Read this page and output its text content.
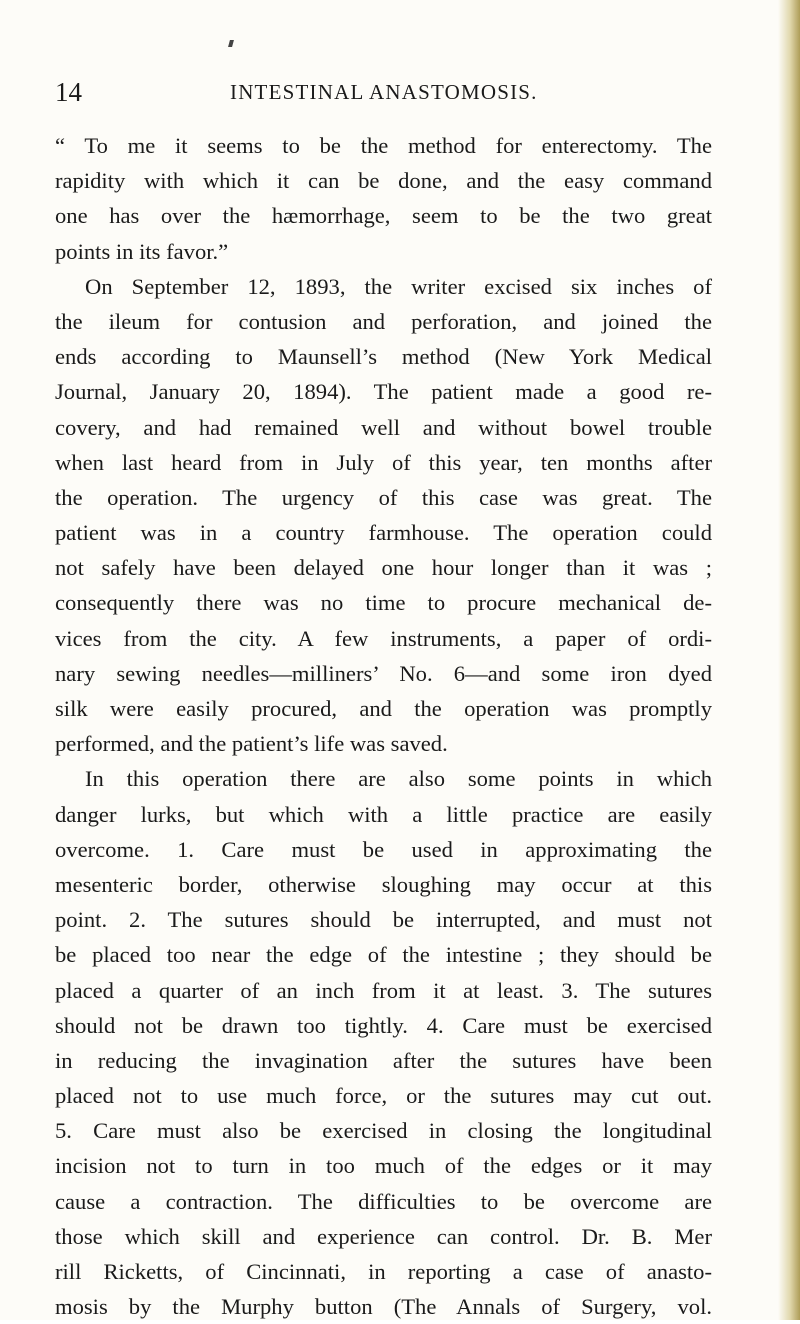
14	INTESTINAL ANASTOMOSIS.
“ To me it seems to be the method for enterectomy. The
rapidity with which it can be done, and the easy command
one has over the hæmorrhage, seem to be the two great
points in its favor.”
On September 12, 1893, the writer excised six inches of
the ileum for contusion and perforation, and joined the
ends according to Maunsell’s method (New York Medical
Journal, January 20, 1894). The patient made a good re-
covery, and had remained well and without bowel trouble
when last heard from in July of this year, ten months after
the operation. The urgency of this case was great. The
patient was in a country farmhouse. The operation could
not safely have been delayed one hour longer than it was ;
consequently there was no time to procure mechanical de-
vices from the city. A few instruments, a paper of ordi-
nary sewing needles—milliners’ No. 6—and some iron dyed
silk were easily procured, and the operation was promptly
performed, and the patient’s life was saved.
In this operation there are also some points in which
danger lurks, but which with a little practice are easily
overcome. 1. Care must be used in approximating the
mesenteric border, otherwise sloughing may occur at this
point. 2. The sutures should be interrupted, and must not
be placed too near the edge of the intestine ; they should be
placed a quarter of an inch from it at least. 3. The sutures
should not be drawn too tightly. 4. Care must be exercised
in reducing the invagination after the sutures have been
placed not to use much force, or the sutures may cut out.
5. Care must also be exercised in closing the longitudinal
incision not to turn in too much of the edges or it may
cause a contraction. The difficulties to be overcome are
those which skill and experience can control. Dr. B. Mer
rill Ricketts, of Cincinnati, in reporting a case of anasto-
mosis by the Murphy button (The Annals of Surgery, vol.
